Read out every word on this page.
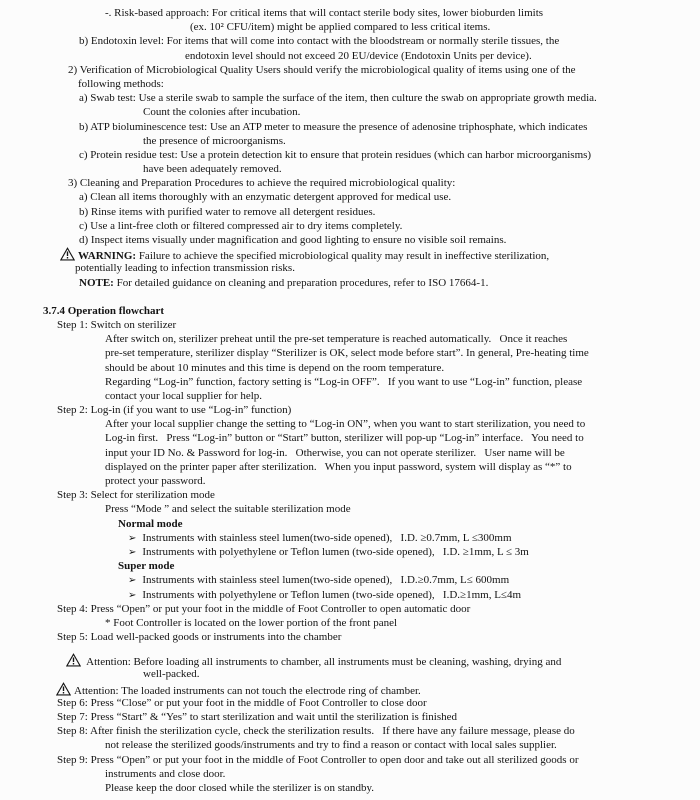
-. Risk-based approach: For critical items that will contact sterile body sites, lower bioburden limits
(ex. 10² CFU/item) might be applied compared to less critical items.
b) Endotoxin level: For items that will come into contact with the bloodstream or normally sterile tissues, the
endotoxin level should not exceed 20 EU/device (Endotoxin Units per device).
2) Verification of Microbiological Quality Users should verify the microbiological quality of items using one of the
following methods:
a) Swab test: Use a sterile swab to sample the surface of the item, then culture the swab on appropriate growth media.
Count the colonies after incubation.
b) ATP bioluminescence test: Use an ATP meter to measure the presence of adenosine triphosphate, which indicates
the presence of microorganisms.
c) Protein residue test: Use a protein detection kit to ensure that protein residues (which can harbor microorganisms)
have been adequately removed.
3) Cleaning and Preparation Procedures to achieve the required microbiological quality:
a) Clean all items thoroughly with an enzymatic detergent approved for medical use.
b) Rinse items with purified water to remove all detergent residues.
c) Use a lint-free cloth or filtered compressed air to dry items completely.
d) Inspect items visually under magnification and good lighting to ensure no visible soil remains.
WARNING: Failure to achieve the specified microbiological quality may result in ineffective sterilization,
potentially leading to infection transmission risks.
NOTE: For detailed guidance on cleaning and preparation procedures, refer to ISO 17664-1.
3.7.4 Operation flowchart
Step 1: Switch on sterilizer
After switch on, sterilizer preheat until the pre-set temperature is reached automatically.   Once it reaches
pre-set temperature, sterilizer display “Sterilizer is OK, select mode before start”. In general, Pre-heating time
should be about 10 minutes and this time is depend on the room temperature.
Regarding “Log-in” function, factory setting is “Log-in OFF”.   If you want to use “Log-in” function, please
contact your local supplier for help.
Step 2: Log-in (if you want to use “Log-in” function)
After your local supplier change the setting to “Log-in ON”, when you want to start sterilization, you need to
Log-in first.   Press “Log-in” button or “Start” button, sterilizer will pop-up “Log-in” interface.   You need to
input your ID No. & Password for log-in.   Otherwise, you can not operate sterilizer.   User name will be
displayed on the printer paper after sterilization.   When you input password, system will display as “*” to
protect your password.
Step 3: Select for sterilization mode
Press “Mode ” and select the suitable sterilization mode
Normal mode
➢ Instruments with stainless steel lumen(two-side opened),   I.D. ≥0.7mm, L ≤300mm
➢ Instruments with polyethylene or Teflon lumen (two-side opened),   I.D. ≥1mm, L ≤ 3m
Super mode
➢ Instruments with stainless steel lumen(two-side opened),   I.D.≥0.7mm, L≤ 600mm
➢ Instruments with polyethylene or Teflon lumen (two-side opened),   I.D.≥1mm, L≤4m
Step 4: Press “Open” or put your foot in the middle of Foot Controller to open automatic door
* Foot Controller is located on the lower portion of the front panel
Step 5: Load well-packed goods or instruments into the chamber
Attention: Before loading all instruments to chamber, all instruments must be cleaning, washing, drying and
well-packed.
Attention: The loaded instruments can not touch the electrode ring of chamber.
Step 6: Press “Close” or put your foot in the middle of Foot Controller to close door
Step 7: Press “Start” & “Yes” to start sterilization and wait until the sterilization is finished
Step 8: After finish the sterilization cycle, check the sterilization results.   If there have any failure message, please do
not release the sterilized goods/instruments and try to find a reason or contact with local sales supplier.
Step 9: Press “Open” or put your foot in the middle of Foot Controller to open door and take out all sterilized goods or
instruments and close door.
Please keep the door closed while the sterilizer is on standby.
